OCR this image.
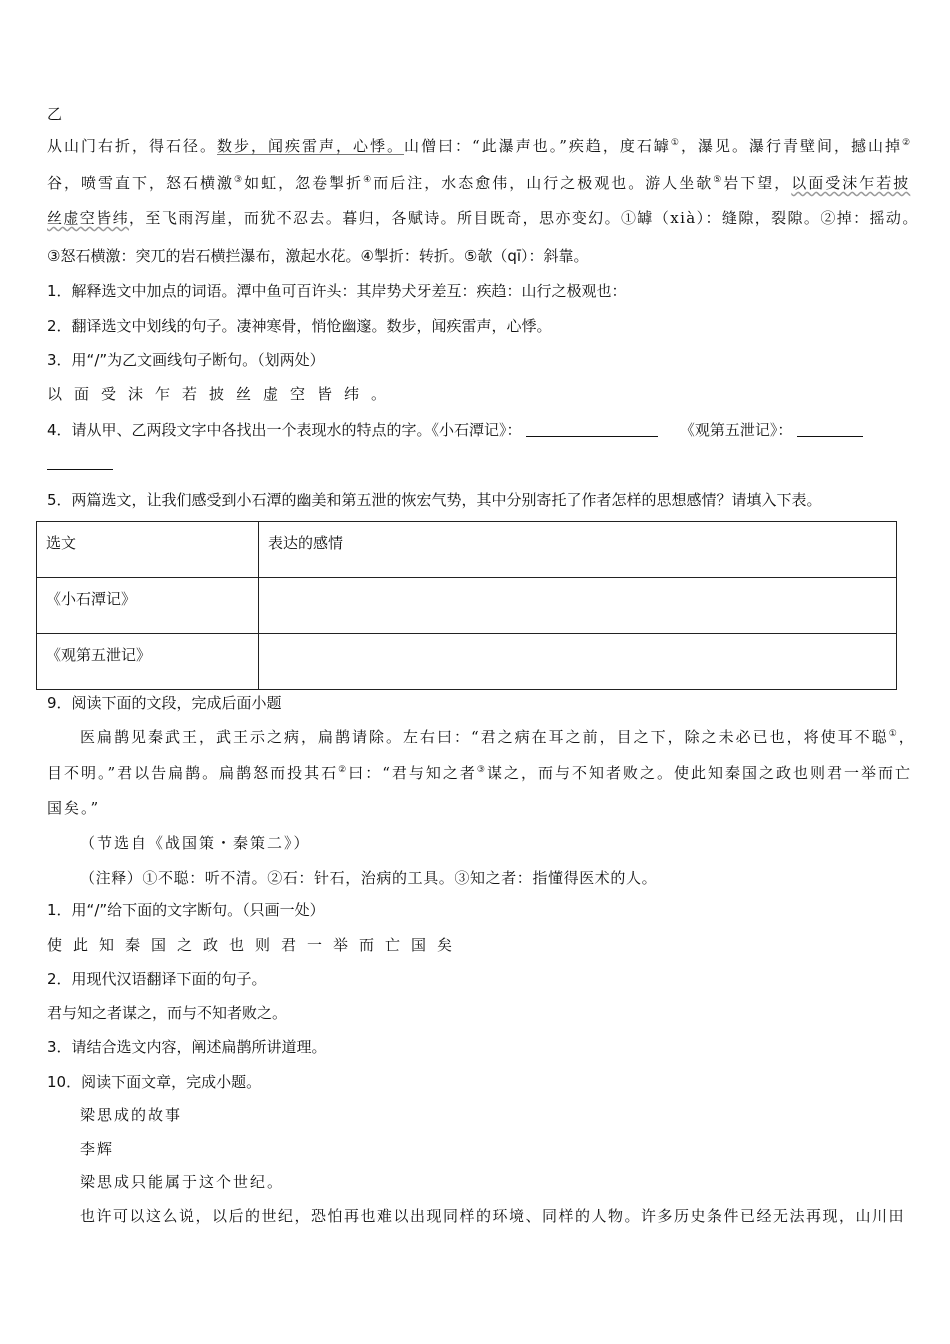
乙
从山门右折，得石径。数步，闻疾雷声，心悸。山僧曰：“此瀑声也。”疾趋，度石罅①，瀑见。瀑行青壁间，撼山掉②
谷，喷雪直下，怒石横激③如虹，忽卷掣折④而后注，水态愈伟，山行之极观也。游人坐欹⑤岩下望，以面受沫乍若披
丝虚空皆纬，至飞雨泻崖，而犹不忍去。暮归，各赋诗。所目既奇，思亦变幻。①罅（xià）：缝隙，裂隙。②掉：摇动。
③怒石横激：突兀的岩石横拦瀑布，激起水花。④掣折：转折。⑤欹（qī）：斜靠。
1．解释选文中加点的词语。潭中鱼可百许头：其岸势犬牙差互：疾趋：山行之极观也：
2．翻译选文中划线的句子。凄神寒骨，悄怆幽邃。数步，闻疾雷声，心悸。
3．用“/”为乙文画线句子断句。（划两处）
以面受沫乍若披丝虚空皆纬。
4．请从甲、乙两段文字中各找出一个表现水的特点的字。《小石潭记》：	《观第五泄记》：
5．两篇选文，让我们感受到小石潭的幽美和第五泄的恢宏气势，其中分别寄托了作者怎样的思想感情？请填入下表。
选文	表达的感情
《小石潭记》	
《观第五泄记》	
9．阅读下面的文段，完成后面小题
医扁鹊见秦武王，武王示之病，扁鹊请除。左右曰：“君之病在耳之前，目之下，除之未必已也，将使耳不聪①，
目不明。”君以告扁鹊。扁鹊怒而投其石②曰：“君与知之者③谋之，而与不知者败之。使此知秦国之政也则君一举而亡
国矣。”
（节选自《战国策・秦策二》）
（注释）①不聪：听不清。②石：针石，治病的工具。③知之者：指懂得医术的人。
1．用“/”给下面的文字断句。（只画一处）
使此知秦国之政也则君一举而亡国矣
2．用现代汉语翻译下面的句子。
君与知之者谋之，而与不知者败之。
3．请结合选文内容，阐述扁鹊所讲道理。
10．阅读下面文章，完成小题。
梁思成的故事
李辉
梁思成只能属于这个世纪。
也许可以这么说，以后的世纪，恐怕再也难以出现同样的环境、同样的人物。许多历史条件已经无法再现，山川田
